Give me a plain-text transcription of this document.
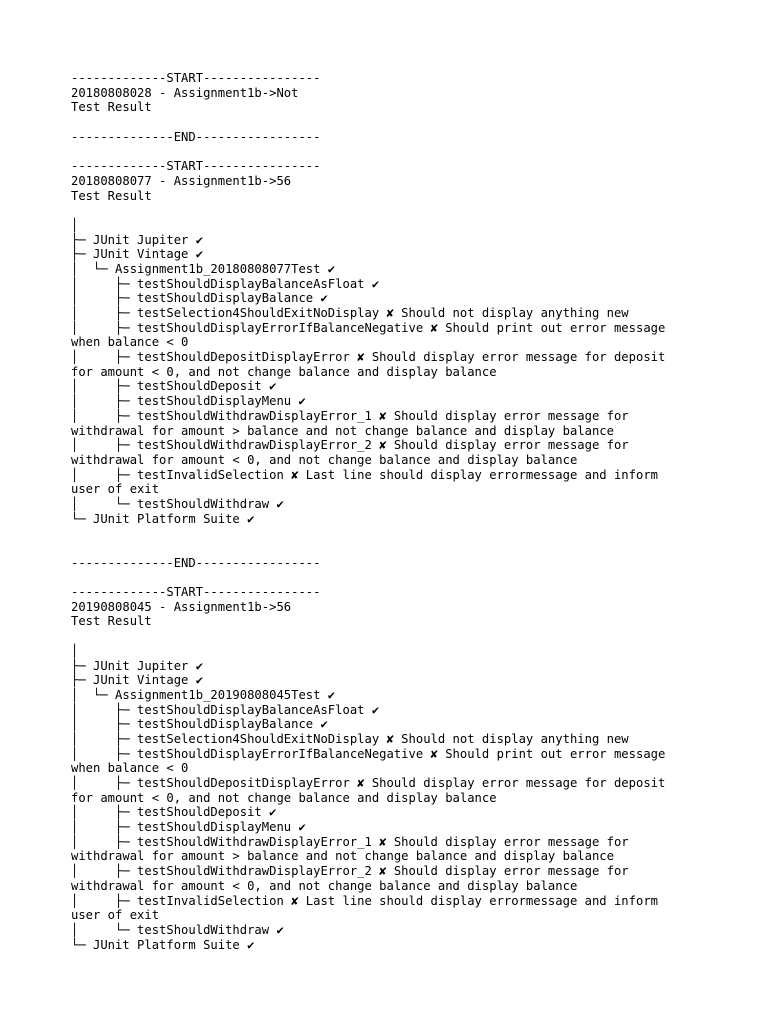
-------------START----------------
20180808028 - Assignment1b->Not
Test Result
--------------END-----------------
-------------START----------------
20180808077 - Assignment1b->56
Test Result
│
├─ JUnit Jupiter ✔
├─ JUnit Vintage ✔
│  └─ Assignment1b_20180808077Test ✔
│     ├─ testShouldDisplayBalanceAsFloat ✔
│     ├─ testShouldDisplayBalance ✔
│     ├─ testSelection4ShouldExitNoDisplay ✘ Should not display anything new
│     ├─ testShouldDisplayErrorIfBalanceNegative ✘ Should print out error message
when balance < 0
│     ├─ testShouldDepositDisplayError ✘ Should display error message for deposit
for amount < 0, and not change balance and display balance
│     ├─ testShouldDeposit ✔
│     ├─ testShouldDisplayMenu ✔
│     ├─ testShouldWithdrawDisplayError_1 ✘ Should display error message for
withdrawal for amount > balance and not change balance and display balance
│     ├─ testShouldWithdrawDisplayError_2 ✘ Should display error message for
withdrawal for amount < 0, and not change balance and display balance
│     ├─ testInvalidSelection ✘ Last line should display errormessage and inform
user of exit
│     └─ testShouldWithdraw ✔
└─ JUnit Platform Suite ✔
--------------END-----------------
-------------START----------------
20190808045 - Assignment1b->56
Test Result
│
├─ JUnit Jupiter ✔
├─ JUnit Vintage ✔
│  └─ Assignment1b_20190808045Test ✔
│     ├─ testShouldDisplayBalanceAsFloat ✔
│     ├─ testShouldDisplayBalance ✔
│     ├─ testSelection4ShouldExitNoDisplay ✘ Should not display anything new
│     ├─ testShouldDisplayErrorIfBalanceNegative ✘ Should print out error message
when balance < 0
│     ├─ testShouldDepositDisplayError ✘ Should display error message for deposit
for amount < 0, and not change balance and display balance
│     ├─ testShouldDeposit ✔
│     ├─ testShouldDisplayMenu ✔
│     ├─ testShouldWithdrawDisplayError_1 ✘ Should display error message for
withdrawal for amount > balance and not change balance and display balance
│     ├─ testShouldWithdrawDisplayError_2 ✘ Should display error message for
withdrawal for amount < 0, and not change balance and display balance
│     ├─ testInvalidSelection ✘ Last line should display errormessage and inform
user of exit
│     └─ testShouldWithdraw ✔
└─ JUnit Platform Suite ✔
